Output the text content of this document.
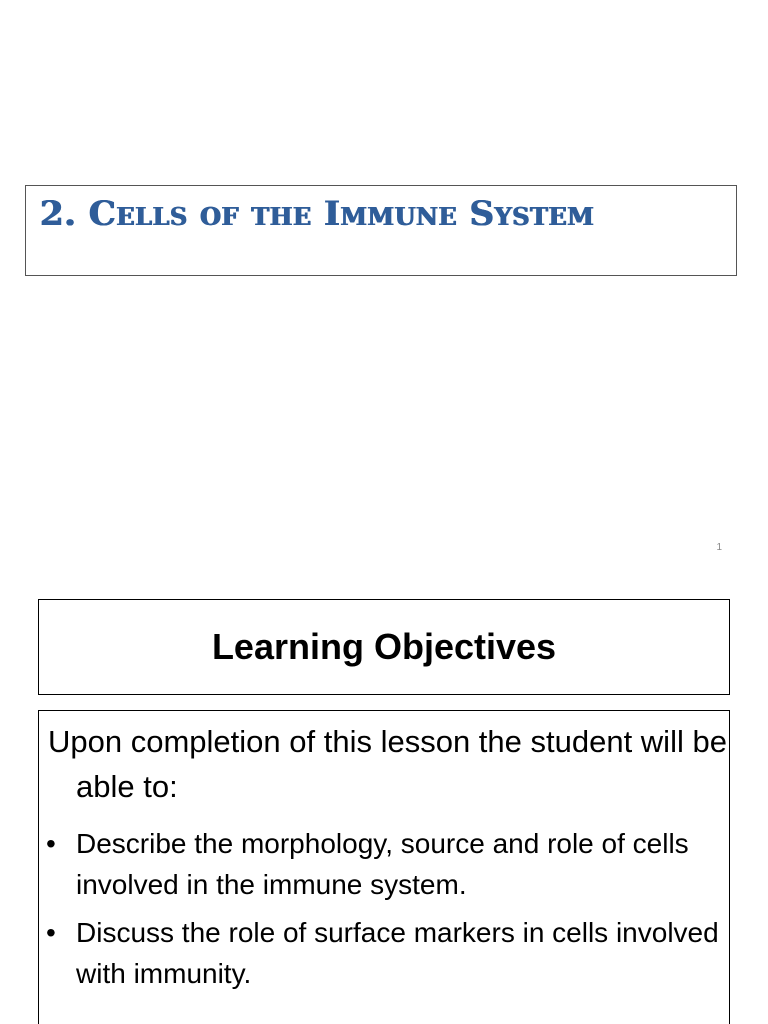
2. Cells of the Immune System
1
Learning Objectives

Upon completion of this lesson the student will be able to:

• Describe the morphology, source and role of cells involved in the immune system.
• Discuss the role of surface markers in cells involved with immunity.
